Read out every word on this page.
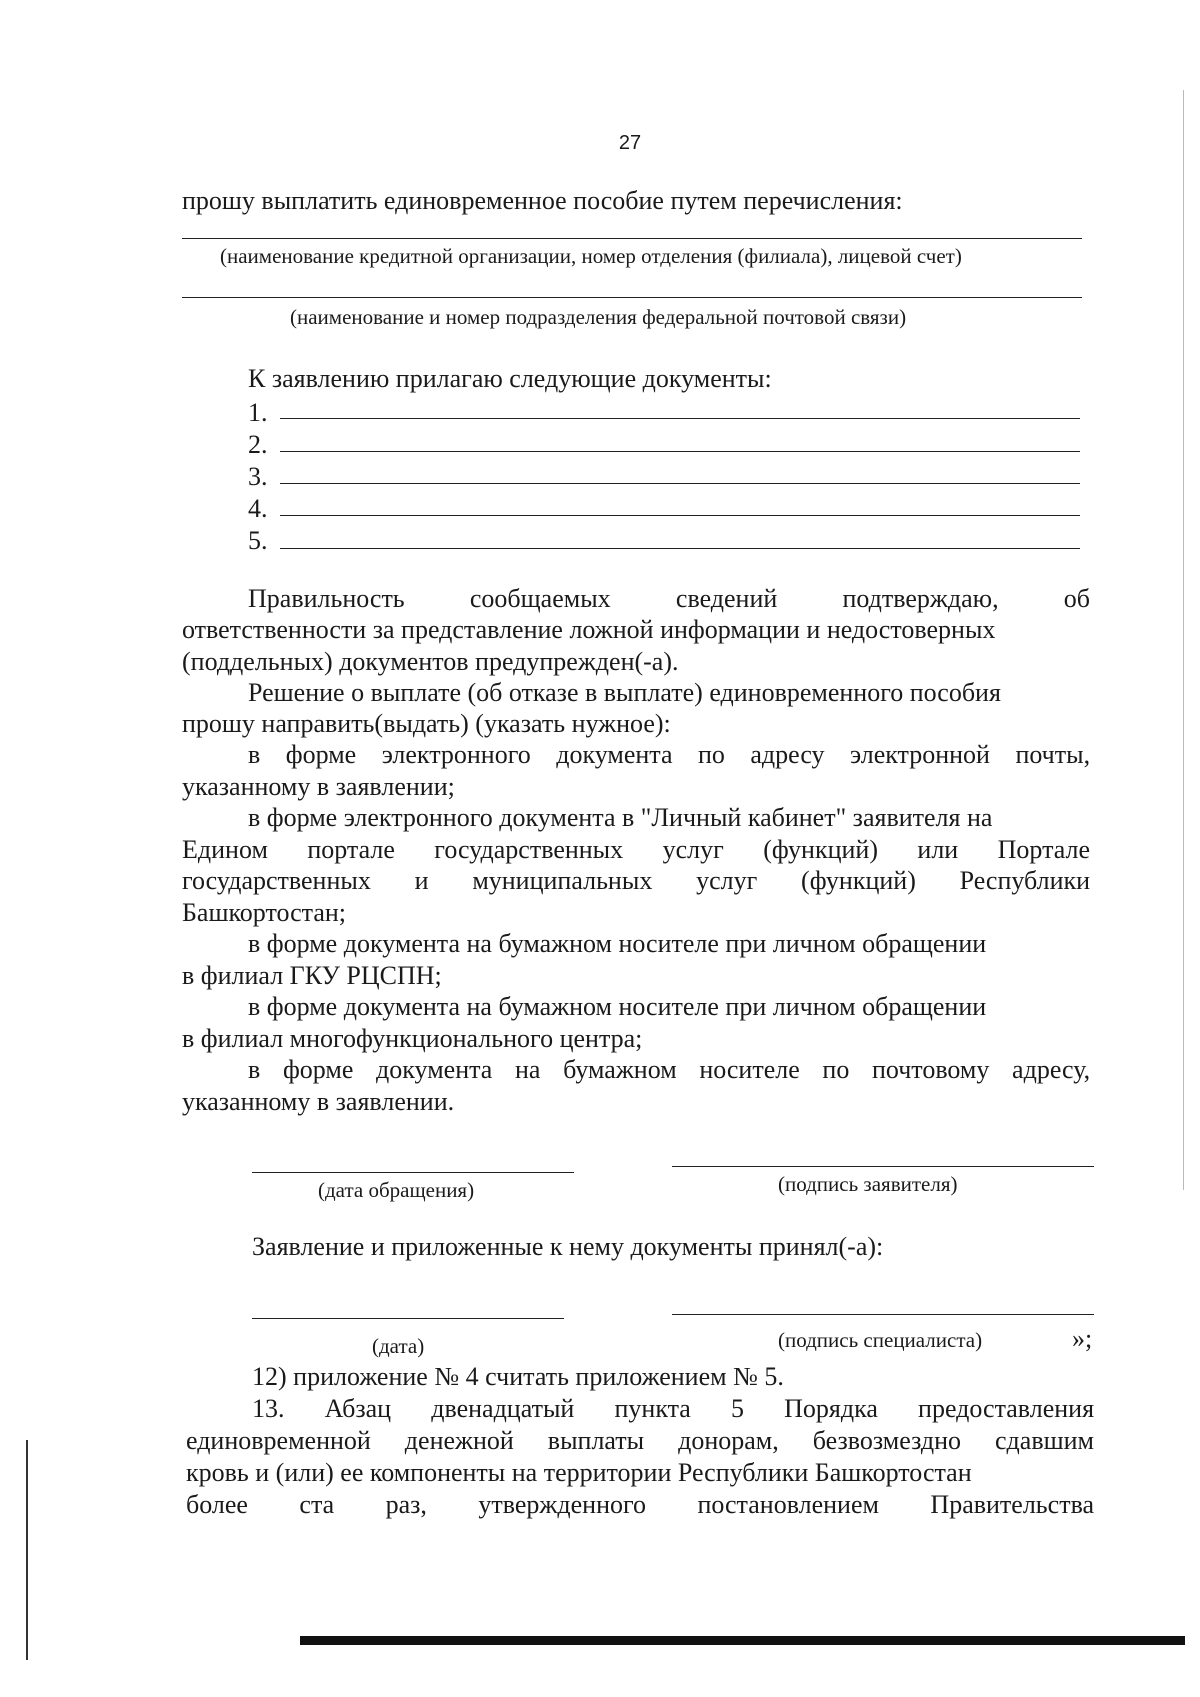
27
прошу выплатить единовременное пособие путем перечисления:
(наименование кредитной организации, номер отделения (филиала), лицевой счет)
(наименование и номер подразделения федеральной почтовой связи)
К заявлению прилагаю следующие документы:
1.
2.
3.
4.
5.
Правильность	сообщаемых	сведений	подтверждаю,	об
ответственности за представление ложной информации и недостоверных
(поддельных) документов предупрежден(-а).
Решение о выплате (об отказе в выплате) единовременного пособия
прошу направить(выдать) (указать нужное):
в форме электронного документа по адресу электронной почты,
указанному в заявлении;
в форме электронного документа в "Личный кабинет" заявителя на
Едином портале государственных услуг (функций) или Портале
государственных и муниципальных услуг (функций) Республики
Башкортостан;
в форме документа на бумажном носителе при личном обращении
в филиал ГКУ РЦСПН;
в форме документа на бумажном носителе при личном обращении
в филиал многофункционального центра;
в форме документа на бумажном носителе по почтовому адресу,
указанному в заявлении.
(дата обращения)	(подпись заявителя)
Заявление и приложенные к нему документы принял(-а):
(дата)	(подпись специалиста)	»;
12) приложение № 4 считать приложением № 5.
13. Абзац двенадцатый пункта 5 Порядка предоставления
единовременной денежной выплаты донорам, безвозмездно сдавшим
кровь и (или) ее компоненты на территории Республики Башкортостан
более ста раз, утвержденного постановлением Правительства
